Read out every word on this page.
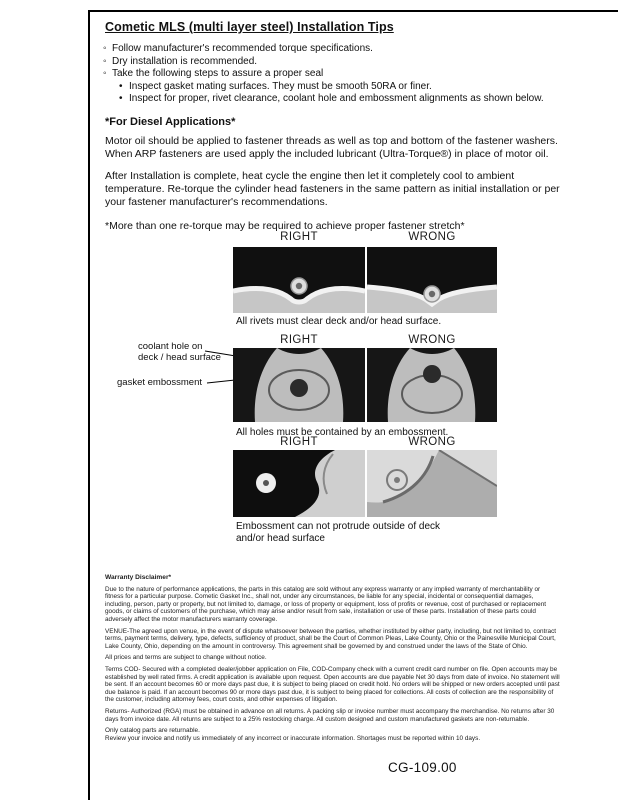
Cometic MLS (multi layer steel) Installation Tips
◦ Follow manufacturer's recommended torque specifications.
◦ Dry installation is recommended.
◦ Take the following steps to assure a proper seal
• Inspect gasket mating surfaces. They must be smooth 50RA or finer.
• Inspect for proper, rivet clearance, coolant hole and embossment alignments as shown below.
*For Diesel Applications*

Motor oil should be applied to fastener threads as well as top and bottom of the fastener washers. When ARP fasteners are used apply the included lubricant (Ultra-Torque®) in place of motor oil.

After Installation is complete, heat cycle the engine then let it completely cool to ambient temperature. Re-torque the cylinder head fasteners in the same pattern as initial installation or per your fastener manufacturer's recommendations.

*More than one re-torque may be required to achieve proper fastener stretch*

RIGHT	WRONG
All rivets must clear deck and/or head surface.
RIGHT	WRONG
coolant hole on
deck / head surface
gasket embossment
All holes must be contained by an embossment.
RIGHT	WRONG
Embossment can not protrude outside of deck
and/or head surface
Warranty Disclaimer*

Due to the nature of performance applications, the parts in this catalog are sold without any express warranty or any implied warranty of merchantability or fitness for a particular purpose. Cometic Gasket Inc., shall not, under any circumstances, be liable for any special, incidental or consequential damages, including, person, party or property, but not limited to, damage, or loss of property or equipment, loss of profits or revenue, cost of purchased or replacement goods, or claims of customers of the purchase, which may arise and/or result from sale, installation or use of these parts. Installation of these parts could adversely affect the motor manufacturers warranty coverage.

VENUE-The agreed upon venue, in the event of dispute whatsoever between the parties, whether instituted by either party, including, but not limited to, contract terms, payment terms, delivery, type, defects, sufficiency of product, shall be the Court of Common Pleas, Lake County, Ohio or the Painesville Municipal Court, Lake County, Ohio, depending on the amount in controversy. This agreement shall be governed by and construed under the laws of the State of Ohio.

All prices and terms are subject to change without notice.

Terms COD- Secured with a completed dealer/jobber application on File, COD-Company check with a current credit card number on file. Open accounts may be established by well rated firms. A credit application is available upon request. Open accounts are due payable Net 30 days from date of invoice. No statement will be sent. If an account becomes 60 or more days past due, it is subject to being placed on credit hold. No orders will be shipped or new orders accepted until past due balance is paid. If an account becomes 90 or more days past due, it is subject to being placed for collections. All costs of collection are the responsibility of the customer, including attorney fees, court costs, and other expenses of litigation.

Returns- Authorized (RGA) must be obtained in advance on all returns. A packing slip or invoice number must accompany the merchandise. No returns after 30 days from invoice date. All returns are subject to a 25% restocking charge. All custom designed and custom manufactured gaskets are non-returnable.

Only catalog parts are returnable.

Review your invoice and notify us immediately of any incorrect or inaccurate information. Shortages must be reported within 10 days.

CG-109.00
